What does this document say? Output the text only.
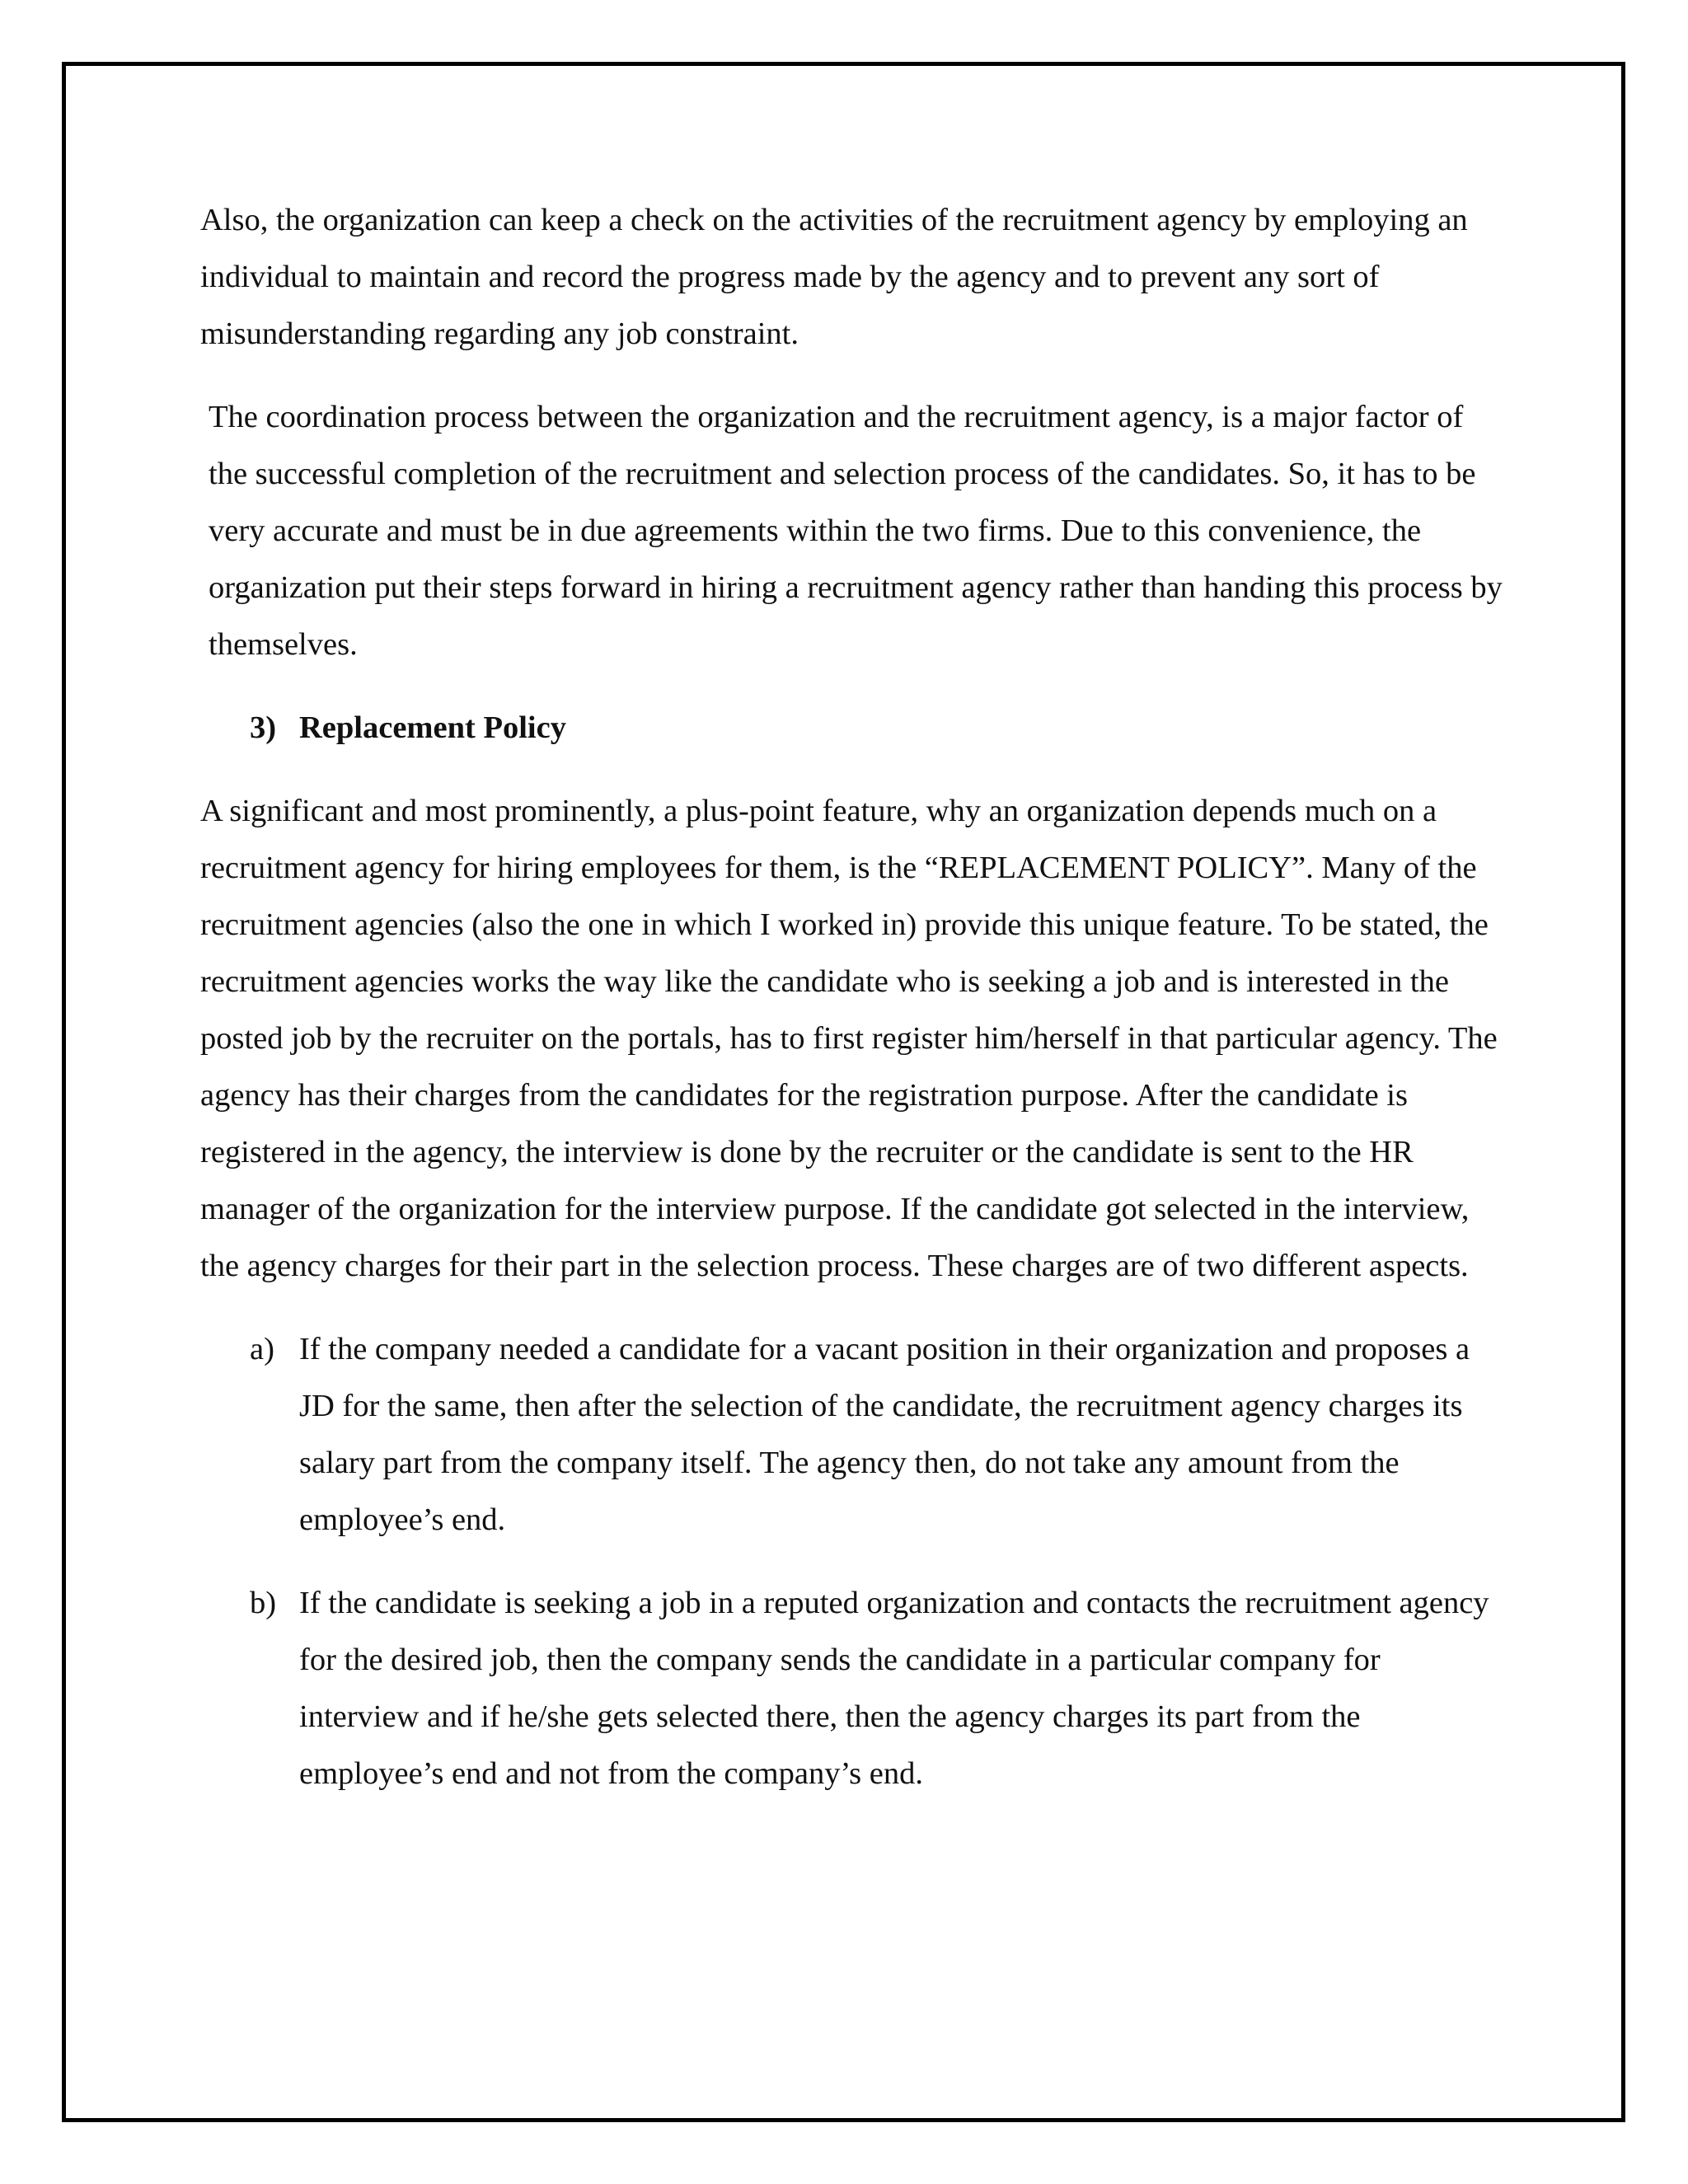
Also, the organization can keep a check on the activities of the recruitment agency by employing an individual to maintain and record the progress made by the agency and to prevent any sort of misunderstanding regarding any job constraint.

The coordination process between the organization and the recruitment agency, is a major factor of the successful completion of the recruitment and selection process of the candidates. So, it has to be very accurate and must be in due agreements within the two firms. Due to this convenience, the organization put their steps forward in hiring a recruitment agency rather than handing this process by themselves.

3) Replacement Policy

A significant and most prominently, a plus-point feature, why an organization depends much on a recruitment agency for hiring employees for them, is the “REPLACEMENT POLICY”. Many of the recruitment agencies (also the one in which I worked in) provide this unique feature. To be stated, the recruitment agencies works the way like the candidate who is seeking a job and is interested in the posted job by the recruiter on the portals, has to first register him/herself in that particular agency. The agency has their charges from the candidates for the registration purpose. After the candidate is registered in the agency, the interview is done by the recruiter or the candidate is sent to the HR manager of the organization for the interview purpose. If the candidate got selected in the interview, the agency charges for their part in the selection process. These charges are of two different aspects.

a) If the company needed a candidate for a vacant position in their organization and proposes a JD for the same, then after the selection of the candidate, the recruitment agency charges its salary part from the company itself. The agency then, do not take any amount from the employee’s end.
b) If the candidate is seeking a job in a reputed organization and contacts the recruitment agency for the desired job, then the company sends the candidate in a particular company for interview and if he/she gets selected there, then the agency charges its part from the employee’s end and not from the company’s end.
